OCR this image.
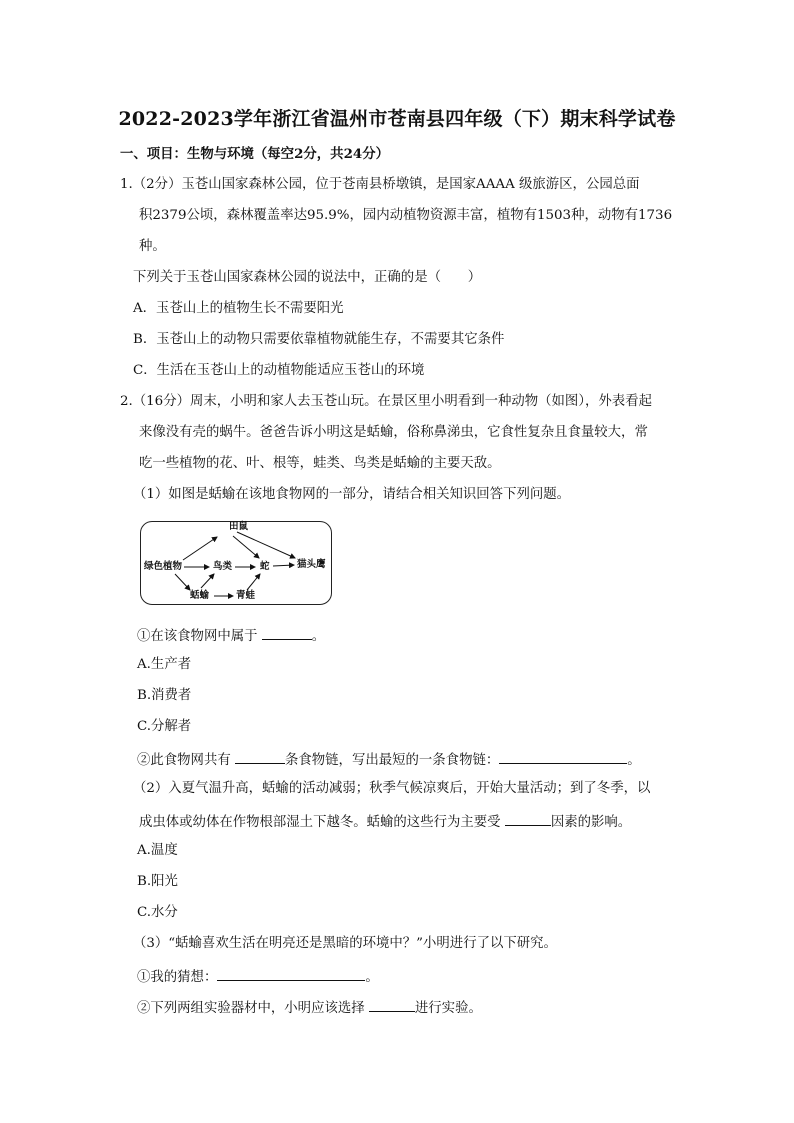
2022-2023学年浙江省温州市苍南县四年级（下）期末科学试卷
一、项目：生物与环境（每空2分，共24分）
1.（2分）玉苍山国家森林公园，位于苍南县桥墩镇，是国家AAAA 级旅游区，公园总面
积2379公顷，森林覆盖率达95.9%，园内动植物资源丰富，植物有1503种，动物有1736
种。
下列关于玉苍山国家森林公园的说法中，正确的是（　　）
A．玉苍山上的植物生长不需要阳光
B．玉苍山上的动物只需要依靠植物就能生存，不需要其它条件
C．生活在玉苍山上的动植物能适应玉苍山的环境
2.（16分）周末，小明和家人去玉苍山玩。在景区里小明看到一种动物（如图），外表看起
来像没有壳的蜗牛。爸爸告诉小明这是蛞蝓，俗称鼻涕虫，它食性复杂且食量较大，常
吃一些植物的花、叶、根等，蛙类、鸟类是蛞蝓的主要天敌。
（1）如图是蛞蝓在该地食物网的一部分，请结合相关知识回答下列问题。
田鼠
绿色植物	鸟类	蛇	猫头鹰
蛞蝓	青蛙
①在该食物网中属于	。
A.生产者
B.消费者
C.分解者
②此食物网共有	条食物链，写出最短的一条食物链：	。
（2）入夏气温升高，蛞蝓的活动减弱；秋季气候凉爽后，开始大量活动；到了冬季，以
成虫体或幼体在作物根部湿土下越冬。蛞蝓的这些行为主要受	因素的影响。
A.温度
B.阳光
C.水分
（3）“蛞蝓喜欢生活在明亮还是黑暗的环境中？”小明进行了以下研究。
①我的猜想：	。
②下列两组实验器材中，小明应该选择	进行实验。
